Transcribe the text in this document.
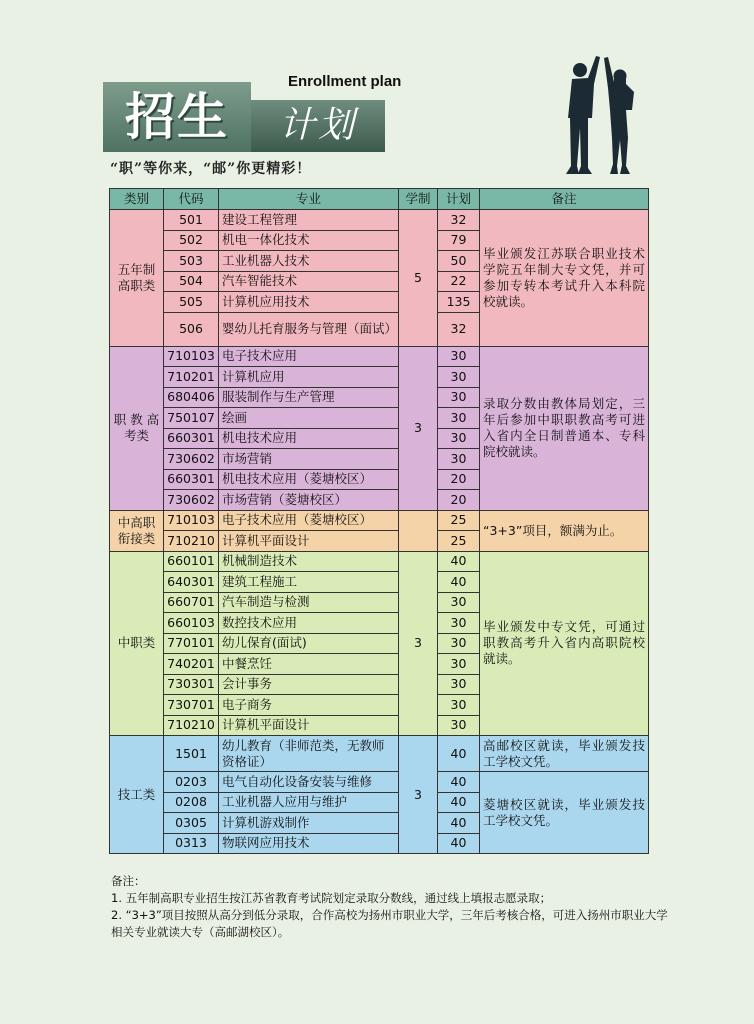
招生	计划
Enrollment plan
“职”等你来，“邮”你更精彩！
类别	代码	专业	学制	计划	备注
五年制高职类	501	建设工程管理	5	32	毕业颁发江苏联合职业技术学院五年制大专文凭，并可参加专转本考试升入本科院校就读。
	502	机电一体化技术		79	
	503	工业机器人技术		50	
	504	汽车智能技术		22	
	505	计算机应用技术		135	
	506	婴幼儿托育服务与管理（面试）		32	
职 教 高考类	710103	电子技术应用	3	30	录取分数由教体局划定，三年后参加中职职教高考可进入省内全日制普通本、专科院校就读。
	710201	计算机应用		30	
	680406	服装制作与生产管理		30	
	750107	绘画		30	
	660301	机电技术应用		30	
	730602	市场营销		30	
	660301	机电技术应用（菱塘校区）		20	
	730602	市场营销（菱塘校区）		20	
中高职衔接类	710103	电子技术应用（菱塘校区）		25	“3+3”项目，额满为止。
	710210	计算机平面设计		25	
中职类	660101	机械制造技术	3	40	毕业颁发中专文凭，可通过职教高考升入省内高职院校就读。
	640301	建筑工程施工		40	
	660701	汽车制造与检测		30	
	660103	数控技术应用		30	
	770101	幼儿保育(面试)		30	
	740201	中餐烹饪		30	
	730301	会计事务		30	
	730701	电子商务		30	
	710210	计算机平面设计		30	
技工类	1501	幼儿教育（非师范类，无教师资格证）	3	40	高邮校区就读，毕业颁发技工学校文凭。
	0203	电气自动化设备安装与维修		40	菱塘校区就读，毕业颁发技工学校文凭。
	0208	工业机器人应用与维护		40	
	0305	计算机游戏制作		40	
	0313	物联网应用技术		40	

备注：

1. 五年制高职专业招生按江苏省教育考试院划定录取分数线，通过线上填报志愿录取；

2. “3+3”项目按照从高分到低分录取，合作高校为扬州市职业大学，三年后考核合格，可进入扬州市职业大学相关专业就读大专（高邮湖校区）。
